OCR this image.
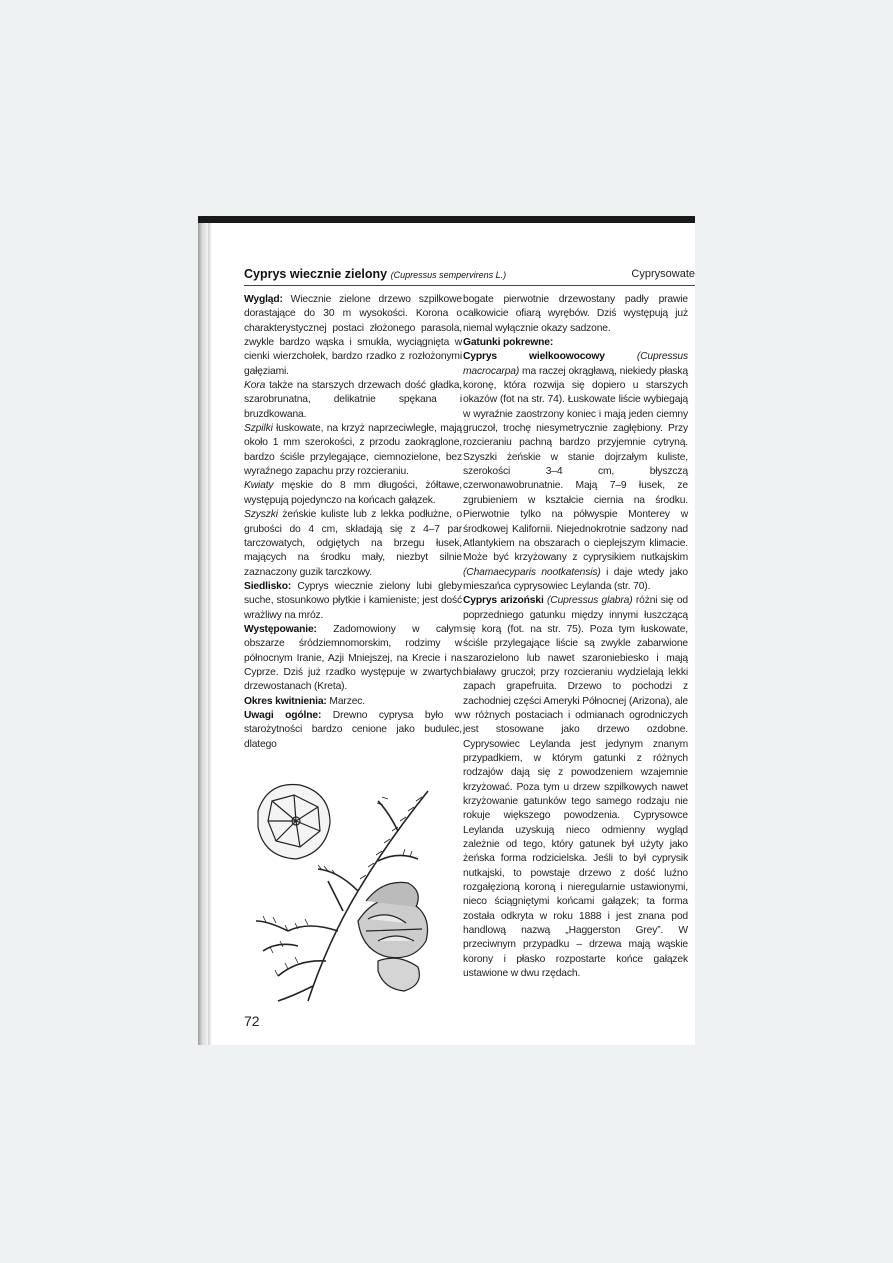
Cyprys wiecznie zielony (Cupressus sempervirens L.)	Cyprysowate

Wygląd: Wiecznie zielone drzewo szpilkowe dorastające do 30 m wysokości. Korona o charakterystycznej postaci złożonego parasola, zwykle bardzo wąska i smukła, wyciągnięta w cienki wierzchołek, bardzo rzadko z rozłożonymi gałęziami.

Kora także na starszych drzewach dość gładka, szarobrunatna, delikatnie spękana i bruzdkowana.

Szpilki łuskowate, na krzyż naprzeciwległe, mają około 1 mm szerokości, z przodu zaokrąglone, bardzo ściśle przylegające, ciemnozielone, bez wyraźnego zapachu przy rozcieraniu.

Kwiaty męskie do 8 mm długości, żółtawe, występują pojedynczo na końcach gałązek.

Szyszki żeńskie kuliste lub z lekka podłużne, o grubości do 4 cm, składają się z 4–7 par tarczowatych, odgiętych na brzegu łusek, mających na środku mały, niezbyt silnie zaznaczony guzik tarczkowy.

Siedlisko: Cyprys wiecznie zielony lubi gleby suche, stosunkowo płytkie i kamieniste; jest dość wrażliwy na mróz.

Występowanie: Zadomowiony w całym obszarze śródziemnomorskim, rodzimy w północnym Iranie, Azji Mniejszej, na Krecie i na Cyprze. Dziś już rzadko występuje w zwartych drzewostanach (Kreta).

Okres kwitnienia: Marzec.

Uwagi ogólne: Drewno cyprysa było w starożytności bardzo cenione jako budulec, dlatego

bogate pierwotnie drzewostany padły prawie całkowicie ofiarą wyrębów. Dziś występują już niemal wyłącznie okazy sadzone.

Gatunki pokrewne:

Cyprys wielkoowocowy (Cupressus macrocarpa) ma raczej okrągławą, niekiedy płaską koronę, która rozwija się dopiero u starszych okazów (fot na str. 74). Łuskowate liście wybiegają w wyraźnie zaostrzony koniec i mają jeden ciemny gruczoł, trochę niesymetrycznie zagłębiony. Przy rozcieraniu pachną bardzo przyjemnie cytryną. Szyszki żeńskie w stanie dojrzałym kuliste, szerokości 3–4 cm, błyszczą czerwonawobrunatnie. Mają 7–9 łusek, ze zgrubieniem w kształcie ciernia na środku. Pierwotnie tylko na półwyspie Monterey w środkowej Kalifornii. Niejednokrotnie sadzony nad Atlantykiem na obszarach o cieplejszym klimacie. Może być krzyżowany z cyprysikiem nutkajskim (Chamaecyparis nootkatensis) i daje wtedy jako mieszańca cyprysowiec Leylanda (str. 70).

Cyprys arizoński (Cupressus glabra) różni się od poprzedniego gatunku między innymi łuszczącą się korą (fot. na str. 75). Poza tym łuskowate, ściśle przylegające liście są zwykle zabarwione szarozielono lub nawet szaroniebiesko i mają białawy gruczoł; przy rozcieraniu wydzielają lekki zapach grapefruita. Drzewo to pochodzi z zachodniej części Ameryki Północnej (Arizona), ale w różnych postaciach i odmianach ogrodniczych jest stosowane jako drzewo ozdobne. Cyprysowiec Leylanda jest jedynym znanym przypadkiem, w którym gatunki z różnych rodzajów dają się z powodzeniem wzajemnie krzyżować. Poza tym u drzew szpilkowych nawet krzyżowanie gatunków tego samego rodzaju nie rokuje większego powodzenia. Cyprysowce Leylanda uzyskują nieco odmienny wygląd zależnie od tego, który gatunek był użyty jako żeńska forma rodzicielska. Jeśli to był cyprysik nutkajski, to powstaje drzewo z dość luźno rozgałęzioną koroną i nieregularnie ustawionymi, nieco ściągniętymi końcami gałązek; ta forma została odkryta w roku 1888 i jest znana pod handlową nazwą „Haggerston Grey”. W przeciwnym przypadku – drzewa mają wąskie korony i płasko rozpostarte końce gałązek ustawione w dwu rzędach.

72
